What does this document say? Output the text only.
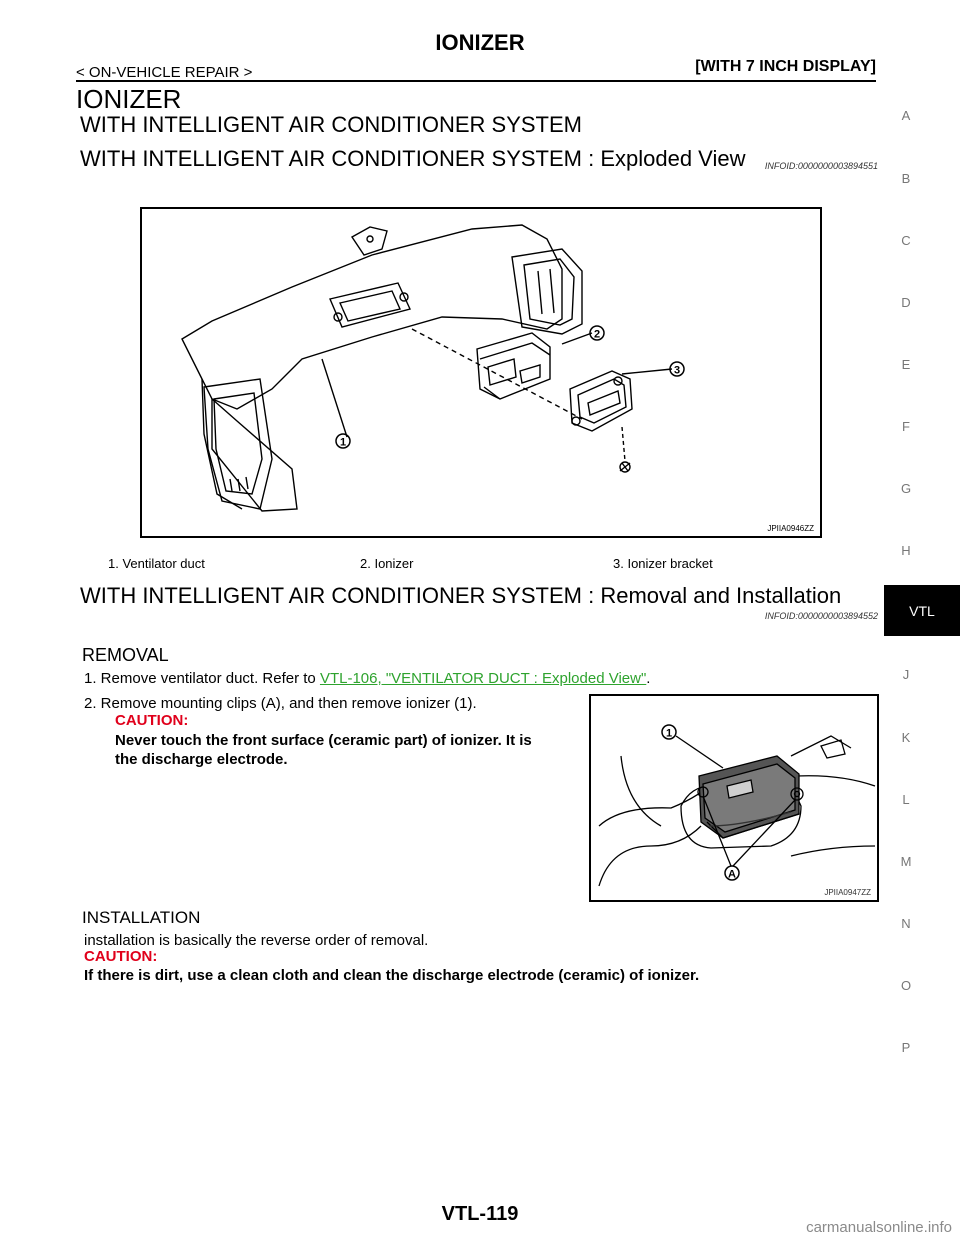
IONIZER
< ON-VEHICLE REPAIR >	[WITH 7 INCH DISPLAY]
IONIZER
WITH INTELLIGENT AIR CONDITIONER SYSTEM
WITH INTELLIGENT AIR CONDITIONER SYSTEM : Exploded View INFOID:0000000003894551
1
2
3
JPIIA0946ZZ
1. Ventilator duct	2. Ionizer	3. Ionizer bracket
WITH INTELLIGENT AIR CONDITIONER SYSTEM : Removal and Installation
INFOID:0000000003894552
REMOVAL
1. Remove ventilator duct. Refer to VTL-106, "VENTILATOR DUCT : Exploded View".
2. Remove mounting clips (A), and then remove ionizer (1).
CAUTION:
Never touch the front surface (ceramic part) of ionizer. It is
the discharge electrode.
1
A
JPIIA0947ZZ
INSTALLATION
installation is basically the reverse order of removal.
CAUTION:
If there is dirt, use a clean cloth and clean the discharge electrode (ceramic) of ionizer.
A
B
C
D
E
F
G
H
J
K
L
M
N
O
P
VTL
VTL-119
carmanualsonline.info
